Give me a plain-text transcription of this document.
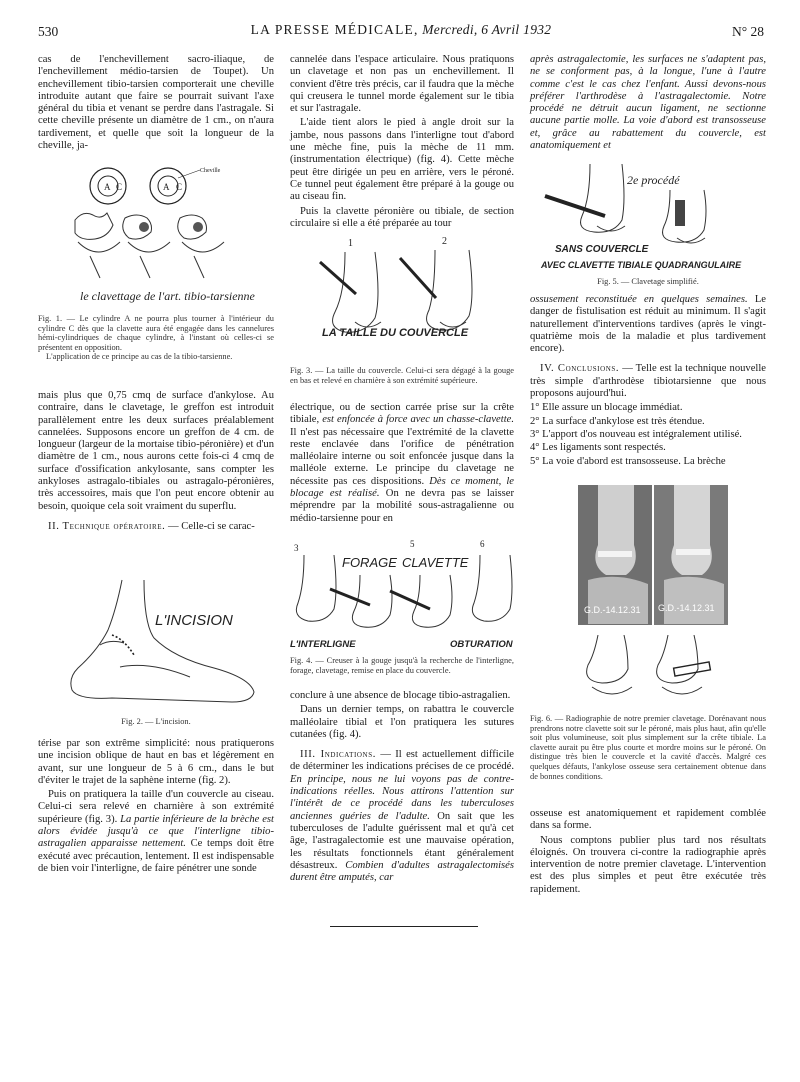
530	LA PRESSE MÉDICALE, Mercredi, 6 Avril 1932	N° 28

cas de l'enchevillement sacro-iliaque, de l'enchevillement médio-tarsien de Toupet). Un enchevillement tibio-tarsien comporterait une cheville introduite autant que faire se pourrait suivant l'axe général du tibia et venant se perdre dans l'astragale. Si cette cheville présente un diamètre de 1 cm., on n'aura tardivement, et quelle que soit la longueur de la cheville, ja-

A C	A C
Cheville
le clavettage de l'art. tibio-tarsienne

Fig. 1. — Le cylindre A ne pourra plus tourner à l'intérieur du cylindre C dès que la clavette aura été engagée dans les cannelures hémi-cylindriques de chaque cylindre, à l'instant où celles-ci se présentent en opposition.

L'application de ce principe au cas de la tibio-tarsienne.

mais plus que 0,75 cmq de surface d'ankylose. Au contraire, dans le clavetage, le greffon est introduit parallèlement entre les deux surfaces préalablement cannelées. Supposons encore un greffon de 4 cm. de longueur (largeur de la mortaise tibio-péronière) et d'un diamètre de 1 cm., nous aurons cette fois-ci 4 cmq de surface d'ossification ankylosante, sans compter les ankyloses astragalo-tibiales ou astragalo-péronières, très accessoires, mais que l'on peut encore obtenir au besoin, quoique cela soit vraiment du superflu.

II. Technique opératoire. — Celle-ci se carac-

L'INCISION

Fig. 2. — L'incision.

térise par son extrême simplicité: nous pratiquerons une incision oblique de haut en bas et légèrement en avant, sur une longueur de 5 à 6 cm., dans le but d'éviter le trajet de la saphène interne (fig. 2).

Puis on pratiquera la taille d'un couvercle au ciseau. Celui-ci sera relevé en charnière à son extrémité supérieure (fig. 3). La partie inférieure de la brèche est alors évidée jusqu'à ce que l'interligne tibio-astragalien apparaisse nettement. Ce temps doit être exécuté avec précaution, lentement. Il est indispensable de bien voir l'interligne, de faire pénétrer une sonde

cannelée dans l'espace articulaire. Nous pratiquons un clavetage et non pas un enchevillement. Il convient d'être très précis, car il faudra que la mèche qui creusera le tunnel morde également sur le tibia et sur l'astragale.

L'aide tient alors le pied à angle droit sur la jambe, nous passons dans l'interligne tout d'abord une mèche fine, puis la mèche de 11 mm. (instrumentation électrique) (fig. 4). Cette mèche peut être dirigée un peu en arrière, vers le péroné. Ce tunnel peut également être préparé à la gouge ou au ciseau fin.

Puis la clavette péronière ou tibiale, de section circulaire si elle a été préparée au tour

1	2
LA TAILLE DU COUVERCLE

Fig. 3. — La taille du couvercle. Celui-ci sera dégagé à la gouge en bas et relevé en charnière à son extrémité supérieure.

électrique, ou de section carrée prise sur la crête tibiale, est enfoncée à force avec un chasse-clavette. Il n'est pas nécessaire que l'extrémité de la clavette reste enclavée dans l'orifice de pénétration malléolaire interne ou soit enfoncée jusque dans la malléole externe. Le principe du clavetage ne nécessite pas ces dispositions. Dès ce moment, le blocage est réalisé. On ne devra pas se laisser méprendre par la mobilité sous-astragalienne ou médio-tarsienne pour en

3	5	6
FORAGE CLAVETTE
L'INTERLIGNE	OBTURATION

Fig. 4. — Creuser à la gouge jusqu'à la recherche de l'interligne, forage, clavetage, remise en place du couvercle.

conclure à une absence de blocage tibio-astragalien.

Dans un dernier temps, on rabattra le couvercle malléolaire tibial et l'on pratiquera les sutures cutanées (fig. 4).

III. Indications. — Il est actuellement difficile de déterminer les indications précises de ce procédé. En principe, nous ne lui voyons pas de contre-indications réelles. Nous attirons l'attention sur l'intérêt de ce procédé dans les tuberculoses anciennes guéries de l'adulte. On sait que les tuberculoses de l'adulte guérissent mal et qu'à cet âge, l'astragalectomie est une mauvaise opération, les résultats fonctionnels étant généralement désastreux. Combien d'adultes astragalectomisés durent être amputés, car

après astragalectomie, les surfaces ne s'adaptent pas, ne se conforment pas, à la longue, l'une à l'autre comme c'est le cas chez l'enfant. Aussi devons-nous préférer l'arthrodèse à l'astragalectomie. Notre procédé ne détruit aucun ligament, ne sectionne aucune partie molle. La voie d'abord est transosseuse et, grâce au rabattement du couvercle, est anatomiquement et

2e procédé
SANS COUVERCLE
AVEC CLAVETTE TIBIALE QUADRANGULAIRE

Fig. 5. — Clavetage simplifié.

ossusement reconstituée en quelques semaines. Le danger de fistulisation est réduit au minimum. Il s'agit naturellement d'interventions tardives (après le vingt-quatrième mois de la maladie et plus tardivement encore).

IV. Conclusions. — Telle est la technique nouvelle très simple d'arthrodèse tibiotarsienne que nous proposons aujourd'hui.

1° Elle assure un blocage immédiat.

2° La surface d'ankylose est très étendue.

3° L'apport d'os nouveau est intégralement utilisé.

4° Les ligaments sont respectés.

5° La voie d'abord est transosseuse. La brèche

G.D.-14.12.31 G.D.-14.12.31

Fig. 6. — Radiographie de notre premier clavetage. Dorénavant nous prendrons notre clavette soit sur le péroné, mais plus haut, afin qu'elle soit plus volumineuse, soit plus simplement sur la crête tibiale. La clavette aurait pu être plus courte et mordre moins sur le péroné. On distingue très bien le couvercle et la cavité d'accès. Malgré ces quelques défauts, l'ankylose osseuse sera certainement obtenue dans de bonnes conditions.

osseuse est anatomiquement et rapidement comblée dans sa forme.

Nous comptons publier plus tard nos résultats éloignés. On trouvera ci-contre la radiographie après intervention de notre premier clavetage. L'intervention est des plus simples et peut être exécutée très rapidement.
